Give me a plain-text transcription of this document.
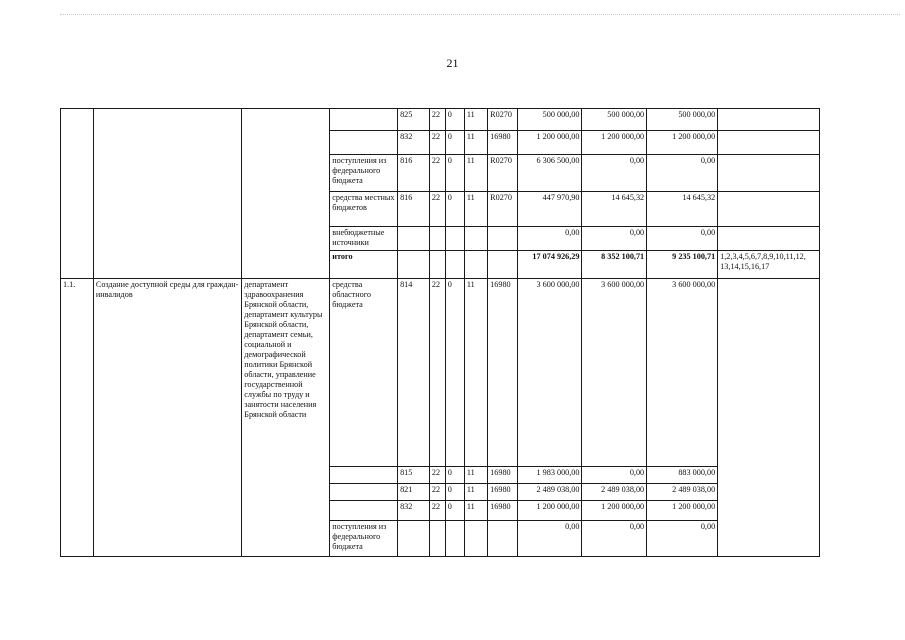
21
				825	22	0	11	R0270	500 000,00	500 000,00	500 000,00	
				832	22	0	11	16980	1 200 000,00	1 200 000,00	1 200 000,00	
			поступления из федерального бюджета	816	22	0	11	R0270	6 306 500,00	0,00	0,00	
			средства местных бюджетов	816	22	0	11	R0270	447 970,90	14 645,32	14 645,32	
			внебюджетные источники						0,00	0,00	0,00	
			итого						17 074 926,29	8 352 100,71	9 235 100,71	1,2,3,4,5,6,7,8,9,10,11,12, 13,14,15,16,17
1.1.	Создание доступной среды для граждан-инвалидов	департамент здравоохранения Брянской области, департамент культуры Брянской области, департамент семьи, социальной и демографической политики Брянской области, управление государственной службы по труду и занятости населения Брянской области	средства областного бюджета	814	22	0	11	16980	3 600 000,00	3 600 000,00	3 600 000,00	
				815	22	0	11	16980	1 983 000,00	0,00	883 000,00	
				821	22	0	11	16980	2 489 038,00	2 489 038,00	2 489 038,00	
				832	22	0	11	16980	1 200 000,00	1 200 000,00	1 200 000,00	
			поступления из федерального бюджета						0,00	0,00	0,00	
